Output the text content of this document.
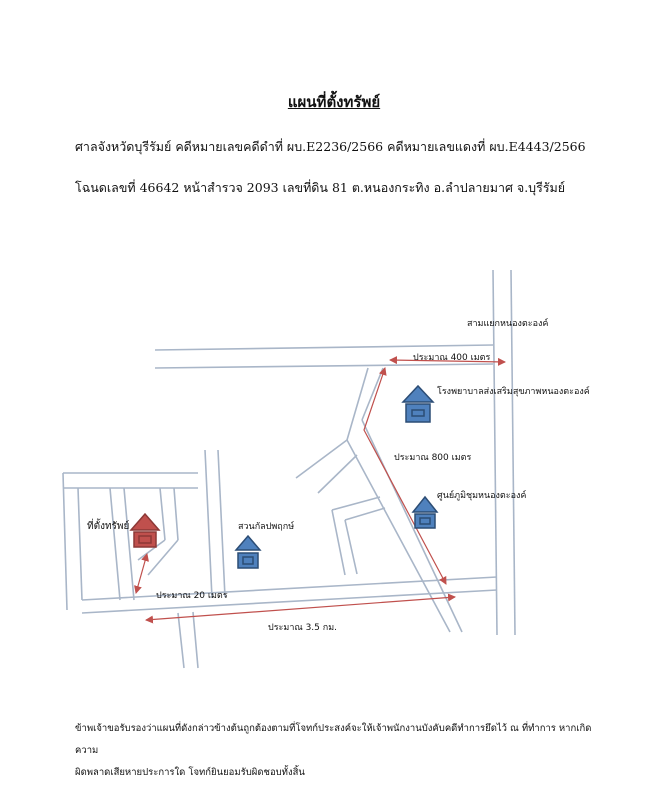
แผนที่ตั้งทรัพย์
ศาลจังหวัดบุรีรัมย์ คดีหมายเลขคดีดำที่ ผบ.E2236/2566 คดีหมายเลขแดงที่ ผบ.E4443/2566
โฉนดเลขที่ 46642 หน้าสำรวจ 2093 เลขที่ดิน 81 ต.หนองกระทิง อ.ลำปลายมาศ จ.บุรีรัมย์
สามแยกหนองตะองค์
ประมาณ 400 เมตร
โรงพยาบาลส่งเสริมสุขภาพหนองตะองค์
ประมาณ 800 เมตร
ศูนย์ภูมิชุมหนองตะองค์
ที่ตั้งทรัพย์	สวนกัลปพฤกษ์
ประมาณ 20 เมตร
ประมาณ 3.5 กม.
ข้าพเจ้าขอรับรองว่าแผนที่ดังกล่าวข้างต้นถูกต้องตามที่โจทก์ประสงค์จะให้เจ้าพนักงานบังคับคดีทำการยึดไว้ ณ ที่ทำการ หากเกิดความ
ผิดพลาดเสียหายประการใด โจทก์ยินยอมรับผิดชอบทั้งสิ้น
